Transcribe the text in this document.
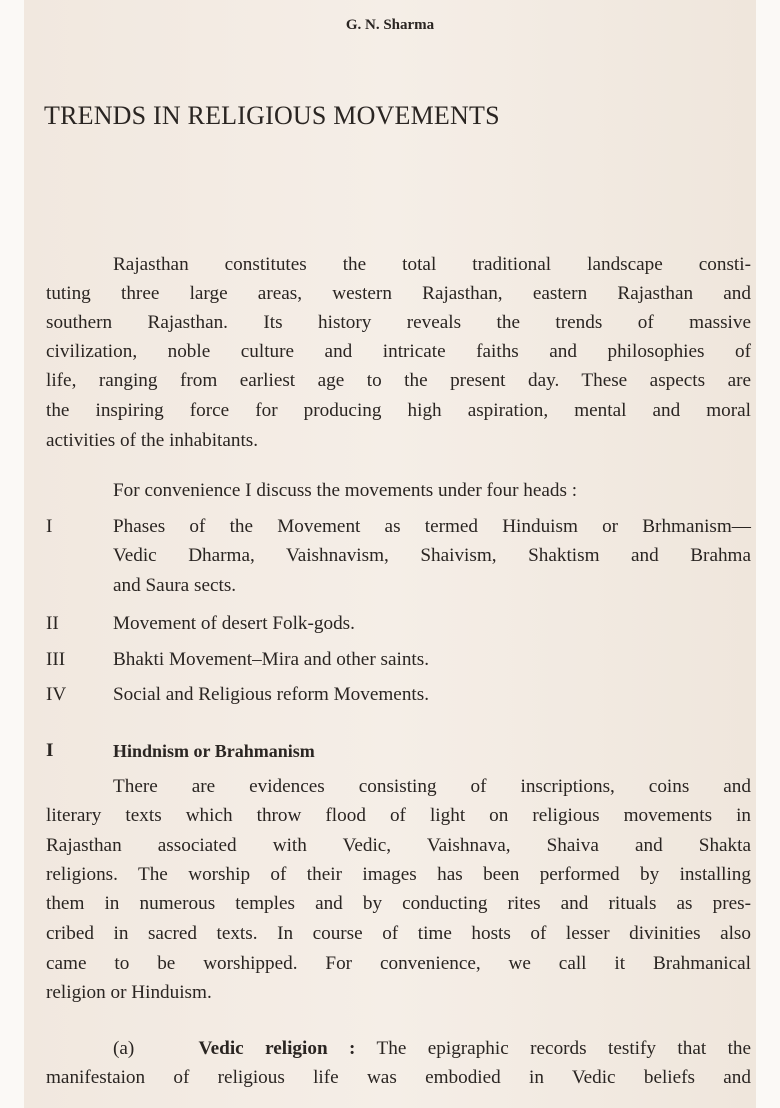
G. N. Sharma
TRENDS IN RELIGIOUS MOVEMENTS
Rajasthan constitutes the total traditional landscape consti-
tuting three large areas, western Rajasthan, eastern Rajasthan and
southern Rajasthan. Its history reveals the trends of massive
civilization, noble culture and intricate faiths and philosophies of
life, ranging from earliest age to the present day. These aspects are
the inspiring force for producing high aspiration, mental and moral
activities of the inhabitants.
For convenience I discuss the movements under four heads :
I	Phases of the Movement as termed Hinduism or Brhmanism—
Vedic Dharma, Vaishnavism, Shaivism, Shaktism and Brahma
and Saura sects.
II	Movement of desert Folk-gods.
III Bhakti Movement–Mira and other saints.
IV Social and Religious reform Movements.
I	Hindnism or Brahmanism
There are evidences consisting of inscriptions, coins and
literary texts which throw flood of light on religious movements in
Rajasthan associated with Vedic, Vaishnava, Shaiva and Shakta
religions. The worship of their images has been performed by installing
them in numerous temples and by conducting rites and rituals as pres-
cribed in sacred texts. In course of time hosts of lesser divinities also
came to be worshipped. For convenience, we call it Brahmanical
religion or Hinduism.
(a)	Vedic religion : The epigraphic records testify that the
manifestaion of religious life was embodied in Vedic beliefs and
